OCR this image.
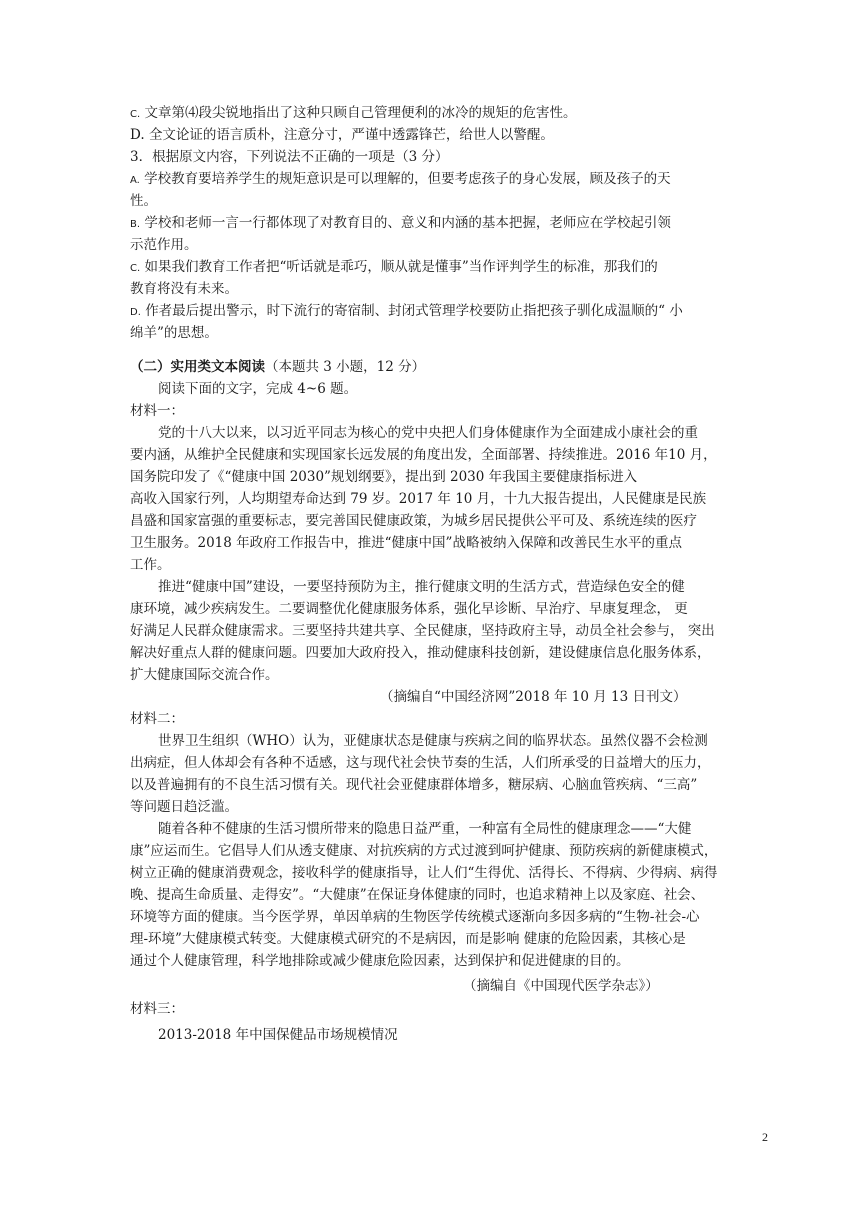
C. 文章第⑷段尖锐地指出了这种只顾自己管理便利的冰冷的规矩的危害性。
D. 全文论证的语言质朴，注意分寸，严谨中透露锋芒，给世人以警醒。
3．根据原文内容，下列说法不正确的一项是（3 分）
A. 学校教育要培养学生的规矩意识是可以理解的，但要考虑孩子的身心发展，顾及孩子的天
性。
B. 学校和老师一言一行都体现了对教育目的、意义和内涵的基本把握，老师应在学校起引领
示范作用。
C. 如果我们教育工作者把“听话就是乖巧，顺从就是懂事”当作评判学生的标准，那我们的
教育将没有未来。
D. 作者最后提出警示，时下流行的寄宿制、封闭式管理学校要防止指把孩子驯化成温顺的“ 小
绵羊”的思想。
（二）实用类文本阅读（本题共 3 小题，12 分）
阅读下面的文字，完成 4~6 题。
材料一：
党的十八大以来，以习近平同志为核心的党中央把人们身体健康作为全面建成小康社会的重
要内涵，从维护全民健康和实现国家长远发展的角度出发，全面部署、持续推进。2016 年10 月，
国务院印发了《“健康中国 2030”规划纲要》，提出到 2030 年我国主要健康指标进入
高收入国家行列，人均期望寿命达到 79 岁。2017 年 10 月，十九大报告提出，人民健康是民族
昌盛和国家富强的重要标志，要完善国民健康政策，为城乡居民提供公平可及、系统连续的医疗
卫生服务。2018 年政府工作报告中，推进“健康中国”战略被纳入保障和改善民生水平的重点
工作。
推进“健康中国”建设，一要坚持预防为主，推行健康文明的生活方式，营造绿色安全的健
康环境，减少疾病发生。二要调整优化健康服务体系，强化早诊断、早治疗、早康复理念， 更
好满足人民群众健康需求。三要坚持共建共享、全民健康，坚持政府主导，动员全社会参与， 突出
解决好重点人群的健康问题。四要加大政府投入，推动健康科技创新，建设健康信息化服务体系，
扩大健康国际交流合作。
（摘编自“中国经济网”2018 年 10 月 13 日刊文）
材料二：
世界卫生组织（WHO）认为，亚健康状态是健康与疾病之间的临界状态。虽然仪器不会检测
出病症，但人体却会有各种不适感，这与现代社会快节奏的生活，人们所承受的日益增大的压力，
以及普遍拥有的不良生活习惯有关。现代社会亚健康群体增多，糖尿病、心脑血管疾病、“三高”
等问题日趋泛滥。
随着各种不健康的生活习惯所带来的隐患日益严重，一种富有全局性的健康理念——“大健
康”应运而生。它倡导人们从透支健康、对抗疾病的方式过渡到呵护健康、预防疾病的新健康模式，
树立正确的健康消费观念，接收科学的健康指导，让人们“生得优、活得长、不得病、少得病、病得
晚、提高生命质量、走得安”。“大健康”在保证身体健康的同时，也追求精神上以及家庭、社会、
环境等方面的健康。当今医学界，单因单病的生物医学传统模式逐渐向多因多病的“生物-社会-心
理-环境”大健康模式转变。大健康模式研究的不是病因，而是影响 健康的危险因素，其核心是
通过个人健康管理，科学地排除或减少健康危险因素，达到保护和促进健康的目的。
（摘编自《中国现代医学杂志》）
材料三：
2013-2018 年中国保健品市场规模情况
2
